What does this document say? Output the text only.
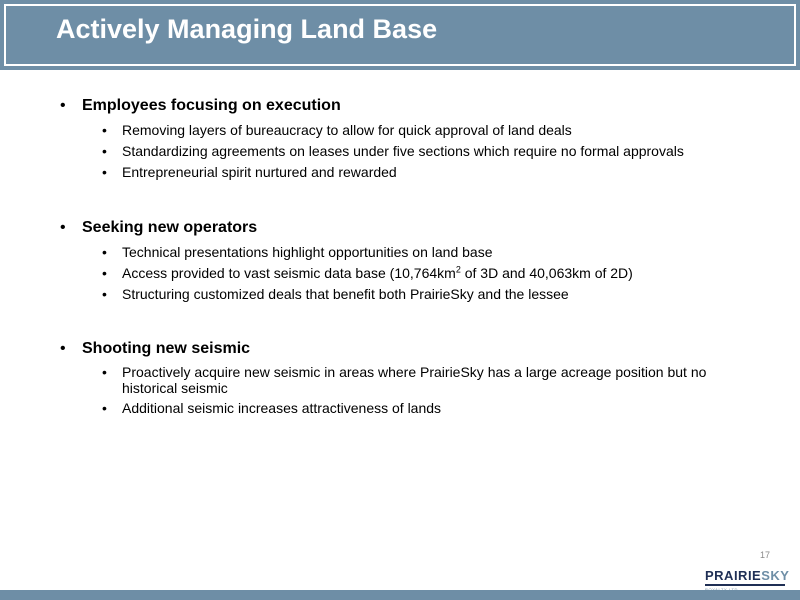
Actively Managing Land Base
• Employees focusing on execution
• Removing layers of bureaucracy to allow for quick approval of land deals
• Standardizing agreements on leases under five sections which require no formal approvals
• Entrepreneurial spirit nurtured and rewarded
• Seeking new operators
• Technical presentations highlight opportunities on land base
• Access provided to vast seismic data base ($10,764km^2$ of 3D and 40,063km of 2D)
• Structuring customized deals that benefit both PrairieSky and the lessee
• Shooting new seismic
• Proactively acquire new seismic in areas where PrairieSky has a large acreage position but no historical seismic
• Additional seismic increases attractiveness of lands
17
PRAIRIESKY
